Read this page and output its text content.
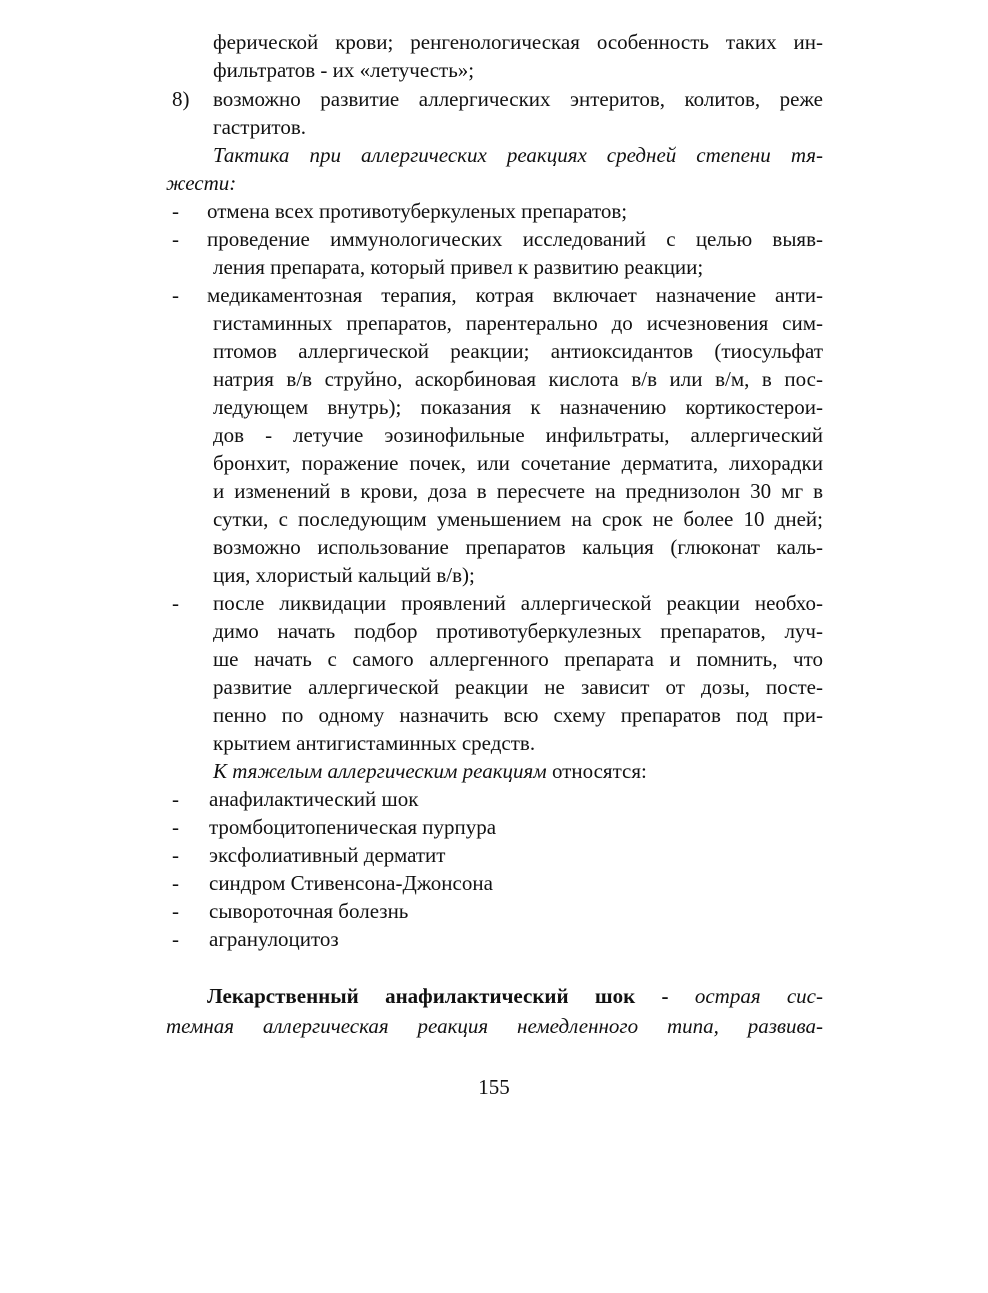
ферической крови; ренгенологическая особенность таких ин-
фильтратов - их «летучесть»;
8) возможно развитие аллергических энтеритов, колитов, реже
гастритов.
Тактика при аллергических реакциях средней степени тя-
жести:
- отмена всех противотуберкуленых препаратов;
- проведение иммунологических исследований с целью выяв-
ления препарата, который привел к развитию реакции;
- медикаментозная терапия, котрая включает назначение анти-
гистаминных препаратов, парентерально до исчезновения сим-
птомов аллергической реакции; антиоксидантов (тиосульфат
натрия в/в струйно, аскорбиновая кислота в/в или в/м, в пос-
ледующем внутрь); показания к назначению кортикостерои-
дов - летучие эозинофильные инфильтраты, аллергический
бронхит, поражение почек, или сочетание дерматита, лихорадки
и изменений в крови, доза в пересчете на преднизолон 30 мг в
сутки, с последующим уменьшением на срок не более 10 дней;
возможно использование препаратов кальция (глюконат каль-
ция, хлористый кальций в/в);
- после ликвидации проявлений аллергической реакции необхо-
димо начать подбор противотуберкулезных препаратов, луч-
ше начать с самого аллергенного препарата и помнить, что
развитие аллергической реакции не зависит от дозы, посте-
пенно по одному назначить всю схему препаратов под при-
крытием антигистаминных средств.
К тяжелым аллергическим реакциям относятся:
- анафилактический шок
- тромбоцитопеническая пурпура
- эксфолиативный дерматит
- синдром Стивенсона-Джонсона
- сывороточная болезнь
- агранулоцитоз
Лекарственный анафилактический шок - острая сис-
темная аллергическая реакция немедленного типа, развива-
155
